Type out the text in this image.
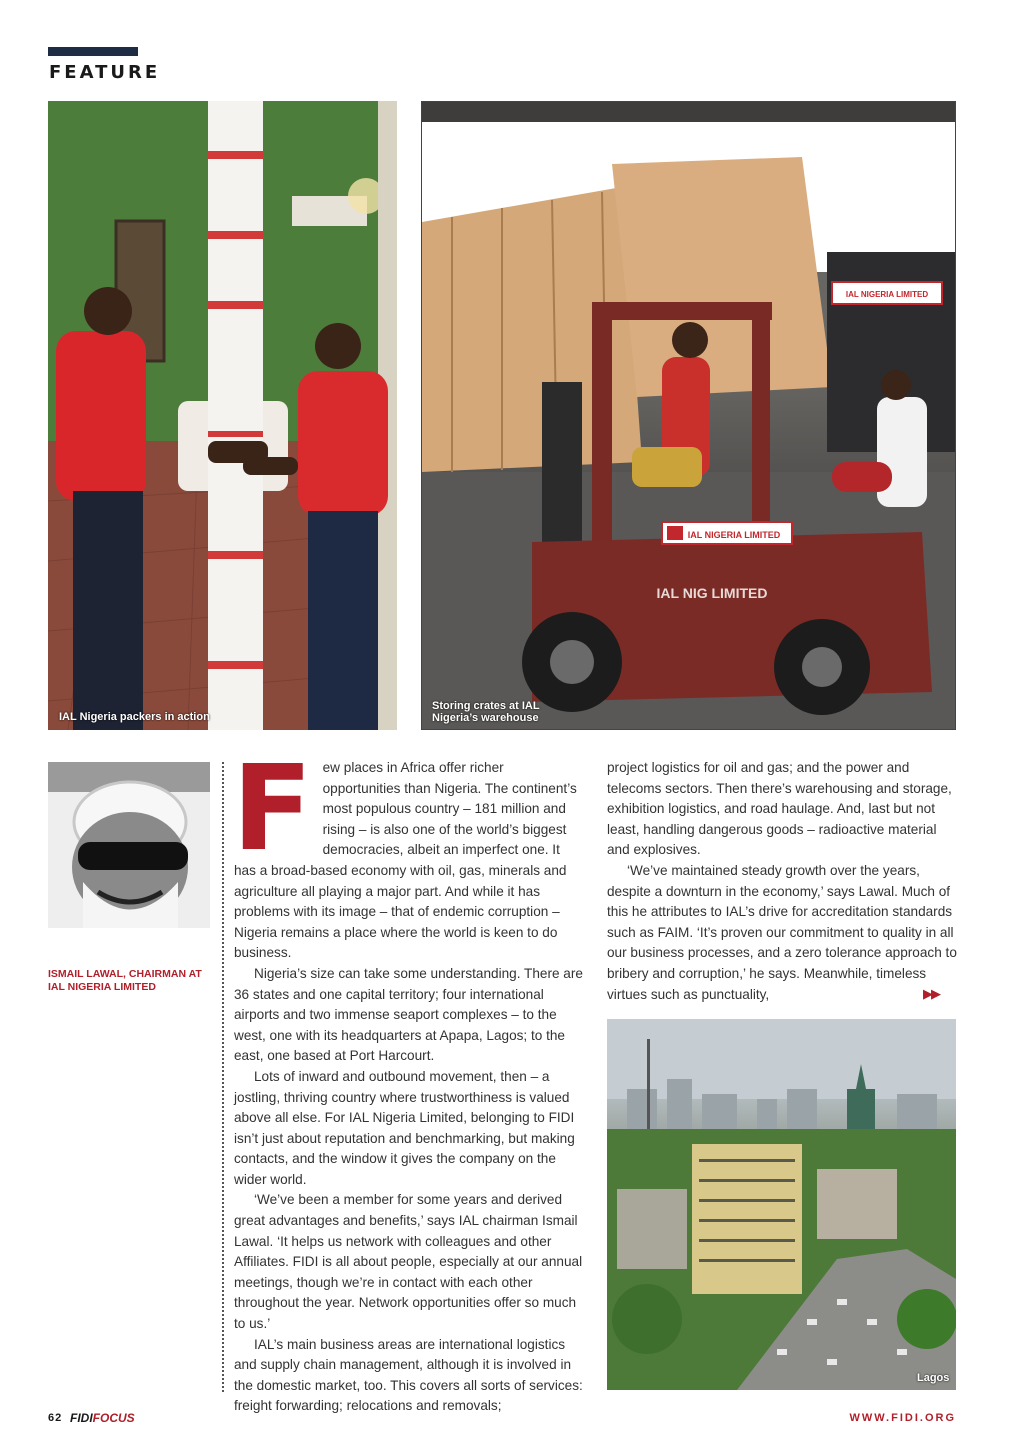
FEATURE
IAL Nigeria packers in action
IAL NIGERIA LIMITED
IAL NIGERIA LIMITED
IAL NIG LIMITED
Storing crates at IAL
Nigeria’s warehouse
ISMAIL LAWAL, CHAIRMAN AT IAL NIGERIA LIMITED
F ew places in Africa offer richer opportunities than Nigeria. The continent’s most populous country – 181 million and rising – is also one of the world’s biggest democracies, albeit an imperfect one. It has a broad-based economy with oil, gas, minerals and agriculture all playing a major part. And while it has problems with its image – that of endemic corruption – Nigeria remains a place where the world is keen to do business.

Nigeria’s size can take some understanding. There are 36 states and one capital territory; four international airports and two immense seaport complexes – to the west, one with its headquarters at Apapa, Lagos; to the east, one based at Port Harcourt.

Lots of inward and outbound movement, then – a jostling, thriving country where trustworthiness is valued above all else. For IAL Nigeria Limited, belonging to FIDI isn’t just about reputation and benchmarking, but making contacts, and the window it gives the company on the wider world.

‘We’ve been a member for some years and derived great advantages and benefits,’ says IAL chairman Ismail Lawal. ‘It helps us network with colleagues and other Affiliates. FIDI is all about people, especially at our annual meetings, though we’re in contact with each other throughout the year. Network opportunities offer so much to us.’

IAL’s main business areas are international logistics and supply chain management, although it is involved in the domestic market, too. This covers all sorts of services: freight forwarding; relocations and removals;

project logistics for oil and gas; and the power and telecoms sectors. Then there’s warehousing and storage, exhibition logistics, and road haulage. And, last but not least, handling dangerous goods – radioactive material and explosives.

‘We’ve maintained steady growth over the years, despite a downturn in the economy,’ says Lawal. Much of this he attributes to IAL’s drive for accreditation standards such as FAIM. ‘It’s proven our commitment to quality in all our business processes, and a zero tolerance approach to bribery and corruption,’ he says. Meanwhile, timeless virtues such as punctuality,	▶▶
Lagos
62 FIDIFOCUS	WWW.FIDI.ORG
